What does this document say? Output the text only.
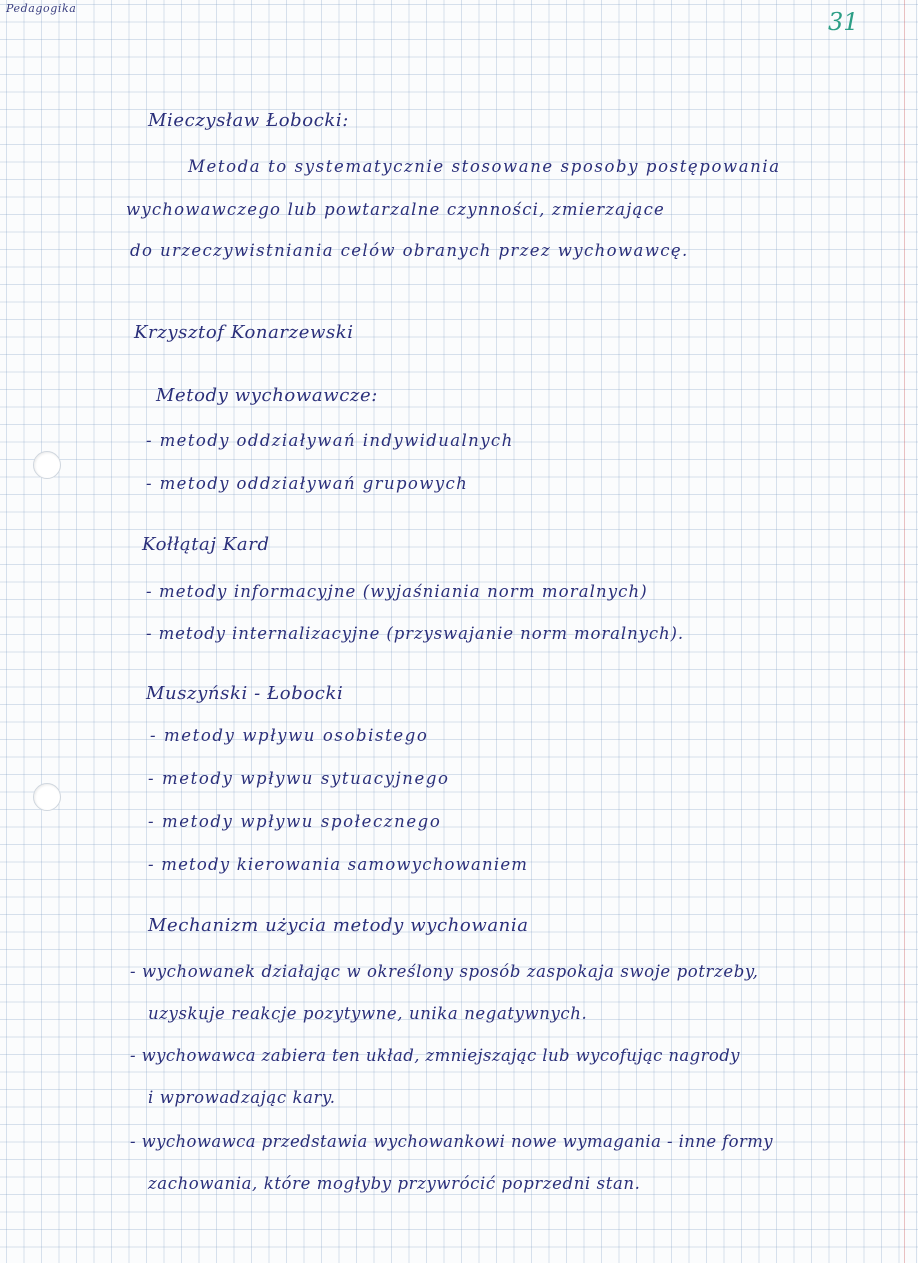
Pedagogika	31
Mieczysław Łobocki:
Metoda to systematycznie stosowane sposoby postępowania
wychowawczego lub powtarzalne czynności, zmierzające
do urzeczywistniania celów obranych przez wychowawcę.
Krzysztof Konarzewski
Metody wychowawcze:
- metody oddziaływań indywidualnych
- metody oddziaływań grupowych
Kołłątaj Kard
- metody informacyjne (wyjaśniania norm moralnych)
- metody internalizacyjne (przyswajanie norm moralnych).
Muszyński - Łobocki
- metody wpływu osobistego
- metody wpływu sytuacyjnego
- metody wpływu społecznego
- metody kierowania samowychowaniem
Mechanizm użycia metody wychowania
- wychowanek działając w określony sposób zaspokaja swoje potrzeby,
uzyskuje reakcje pozytywne, unika negatywnych.
- wychowawca zabiera ten układ, zmniejszając lub wycofując nagrody
i wprowadzając kary.
- wychowawca przedstawia wychowankowi nowe wymagania - inne formy
zachowania, które mogłyby przywrócić poprzedni stan.
